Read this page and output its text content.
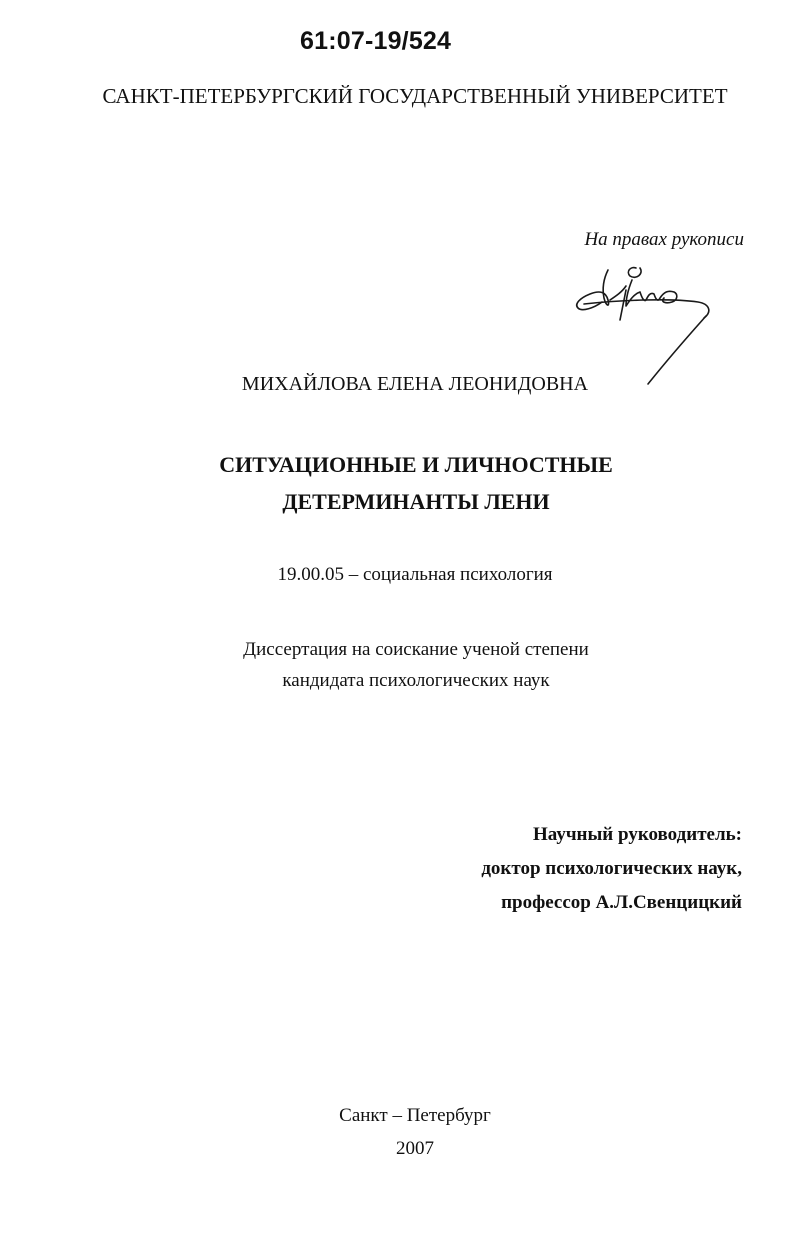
61:07-19/524
САНКТ-ПЕТЕРБУРГСКИЙ ГОСУДАРСТВЕННЫЙ УНИВЕРСИТЕТ
На правах рукописи
МИХАЙЛОВА ЕЛЕНА ЛЕОНИДОВНА
СИТУАЦИОННЫЕ И ЛИЧНОСТНЫЕ
ДЕТЕРМИНАНТЫ ЛЕНИ
19.00.05 – социальная психология
Диссертация на соискание ученой степени
кандидата психологических наук
Научный руководитель:
доктор психологических наук,
профессор А.Л.Свенцицкий
Санкт – Петербург
2007
